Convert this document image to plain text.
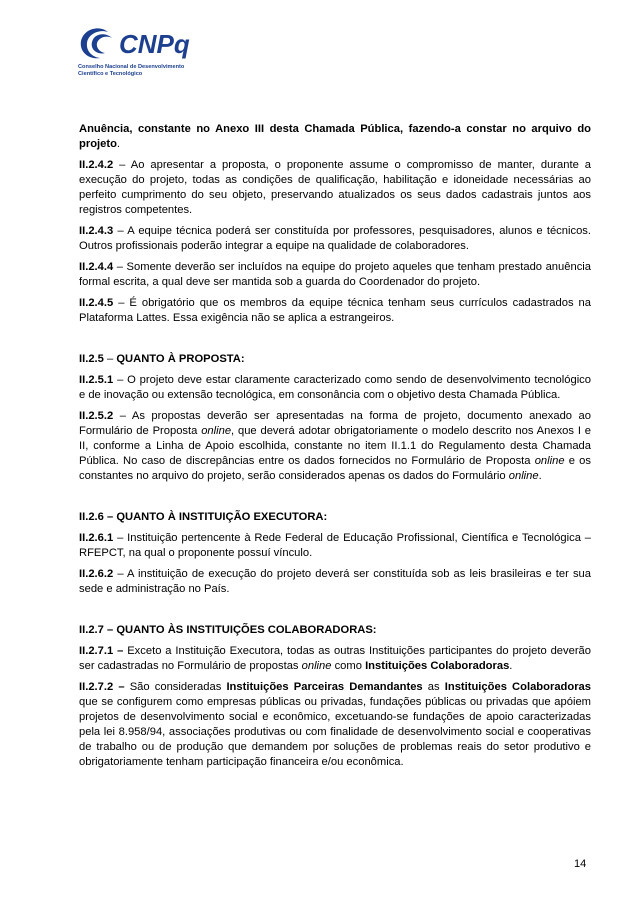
CNPq
Conselho Nacional de Desenvolvimento
Científico e Tecnológico

Anuência, constante no Anexo III desta Chamada Pública, fazendo-a constar no arquivo do projeto.

II.2.4.2 – Ao apresentar a proposta, o proponente assume o compromisso de manter, durante a execução do projeto, todas as condições de qualificação, habilitação e idoneidade necessárias ao perfeito cumprimento do seu objeto, preservando atualizados os seus dados cadastrais juntos aos registros competentes.

II.2.4.3 – A equipe técnica poderá ser constituída por professores, pesquisadores, alunos e técnicos. Outros profissionais poderão integrar a equipe na qualidade de colaboradores.

II.2.4.4 – Somente deverão ser incluídos na equipe do projeto aqueles que tenham prestado anuência formal escrita, a qual deve ser mantida sob a guarda do Coordenador do projeto.

II.2.4.5 – É obrigatório que os membros da equipe técnica tenham seus currículos cadastrados na Plataforma Lattes. Essa exigência não se aplica a estrangeiros.

II.2.5 – QUANTO À PROPOSTA:

II.2.5.1 – O projeto deve estar claramente caracterizado como sendo de desenvolvimento tecnológico e de inovação ou extensão tecnológica, em consonância com o objetivo desta Chamada Pública.

II.2.5.2 – As propostas deverão ser apresentadas na forma de projeto, documento anexado ao Formulário de Proposta online, que deverá adotar obrigatoriamente o modelo descrito nos Anexos I e II, conforme a Linha de Apoio escolhida, constante no item II.1.1 do Regulamento desta Chamada Pública. No caso de discrepâncias entre os dados fornecidos no Formulário de Proposta online e os constantes no arquivo do projeto, serão considerados apenas os dados do Formulário online.

II.2.6 – QUANTO À INSTITUIÇÃO EXECUTORA:

II.2.6.1 – Instituição pertencente à Rede Federal de Educação Profissional, Científica e Tecnológica – RFEPCT, na qual o proponente possuí vínculo.

II.2.6.2 – A instituição de execução do projeto deverá ser constituída sob as leis brasileiras e ter sua sede e administração no País.

II.2.7 – QUANTO ÀS INSTITUIÇÕES COLABORADORAS:

II.2.7.1 – Exceto a Instituição Executora, todas as outras Instituições participantes do projeto deverão ser cadastradas no Formulário de propostas online como Instituições Colaboradoras.

II.2.7.2 – São consideradas Instituições Parceiras Demandantes as Instituições Colaboradoras que se configurem como empresas públicas ou privadas, fundações públicas ou privadas que apóiem projetos de desenvolvimento social e econômico, excetuando-se fundações de apoio caracterizadas pela lei 8.958/94, associações produtivas ou com finalidade de desenvolvimento social e cooperativas de trabalho ou de produção que demandem por soluções de problemas reais do setor produtivo e obrigatoriamente tenham participação financeira e/ou econômica.

14
